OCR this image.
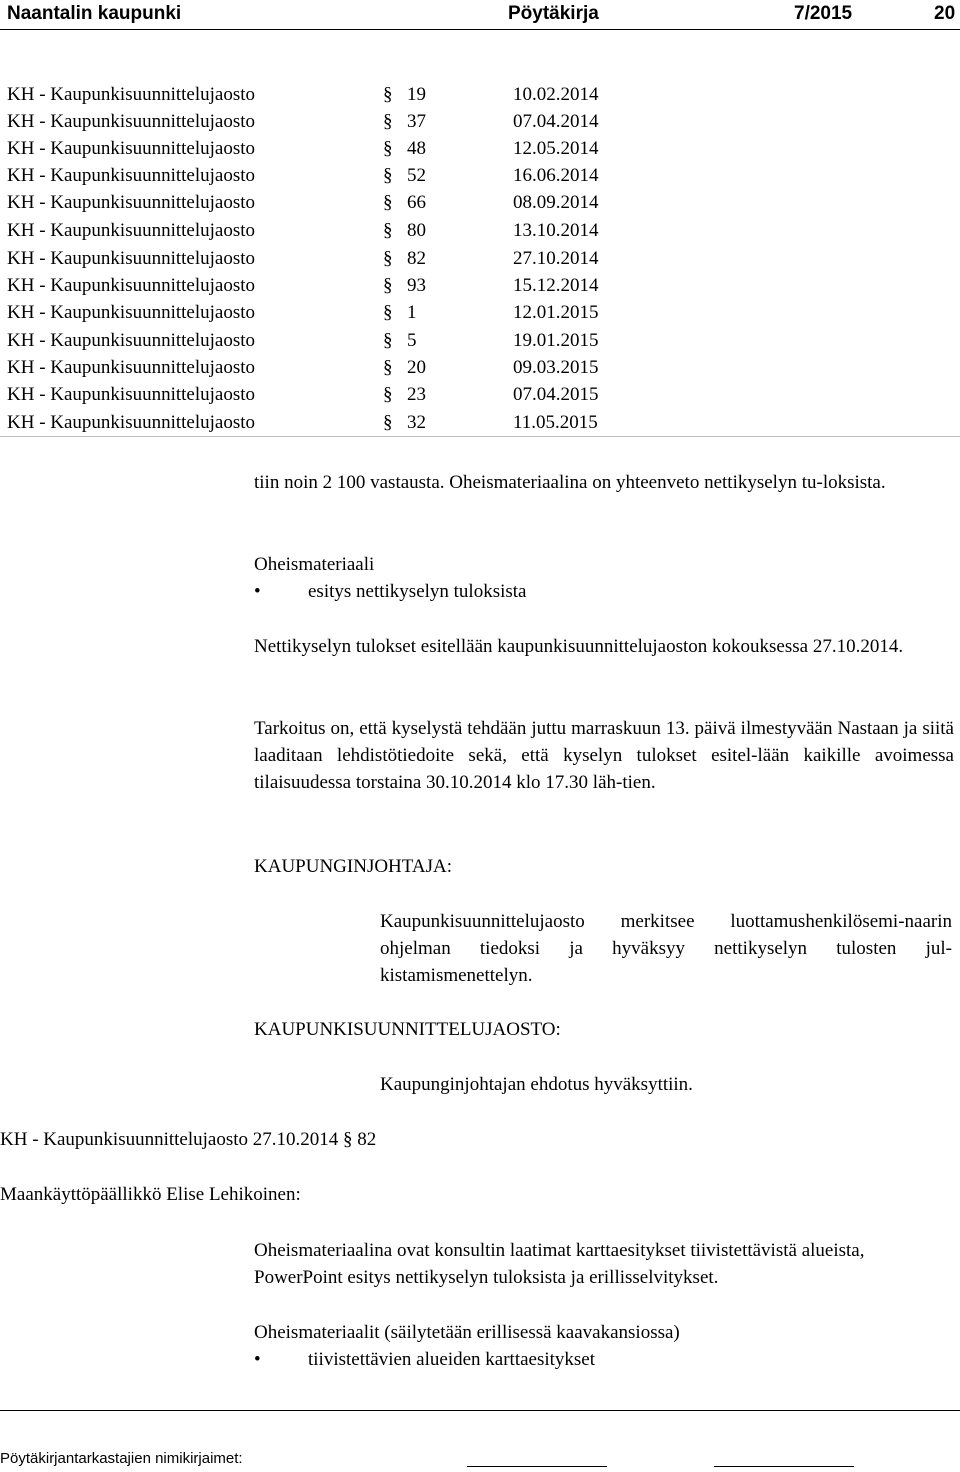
Naantalin kaupunki	Pöytäkirja	7/2015	20
KH - Kaupunkisuunnittelujaosto	§ 19	10.02.2014
KH - Kaupunkisuunnittelujaosto	§ 37	07.04.2014
KH - Kaupunkisuunnittelujaosto	§ 48	12.05.2014
KH - Kaupunkisuunnittelujaosto	§ 52	16.06.2014
KH - Kaupunkisuunnittelujaosto	§ 66	08.09.2014
KH - Kaupunkisuunnittelujaosto	§ 80	13.10.2014
KH - Kaupunkisuunnittelujaosto	§ 82	27.10.2014
KH - Kaupunkisuunnittelujaosto	§ 93	15.12.2014
KH - Kaupunkisuunnittelujaosto	§ 1	12.01.2015
KH - Kaupunkisuunnittelujaosto	§ 5	19.01.2015
KH - Kaupunkisuunnittelujaosto	§ 20	09.03.2015
KH - Kaupunkisuunnittelujaosto	§ 23	07.04.2015
KH - Kaupunkisuunnittelujaosto	§ 32	11.05.2015
tiin noin 2 100 vastausta. Oheismateriaalina on yhteenveto nettikyselyn tu-loksista.
Oheismateriaali
• esitys nettikyselyn tuloksista
Nettikyselyn tulokset esitellään kaupunkisuunnittelujaoston kokouksessa 27.10.2014.
Tarkoitus on, että kyselystä tehdään juttu marraskuun 13. päivä ilmestyvään Nastaan ja siitä laaditaan lehdistötiedoite sekä, että kyselyn tulokset esitel-lään kaikille avoimessa tilaisuudessa torstaina 30.10.2014 klo 17.30 läh-tien.
KAUPUNGINJOHTAJA:
Kaupunkisuunnittelujaosto merkitsee luottamushenkilösemi-naarin ohjelman tiedoksi ja hyväksyy nettikyselyn tulosten jul-kistamismenettelyn.
KAUPUNKISUUNNITTELUJAOSTO:
Kaupunginjohtajan ehdotus hyväksyttiin.
KH - Kaupunkisuunnittelujaosto 27.10.2014 § 82
Maankäyttöpäällikkö Elise Lehikoinen:
Oheismateriaalina ovat konsultin laatimat karttaesitykset tiivistettävistä alueista, PowerPoint esitys nettikyselyn tuloksista ja erillisselvitykset.
Oheismateriaalit (säilytetään erillisessä kaavakansiossa)
• tiivistettävien alueiden karttaesitykset
Pöytäkirjantarkastajien nimikirjaimet:
